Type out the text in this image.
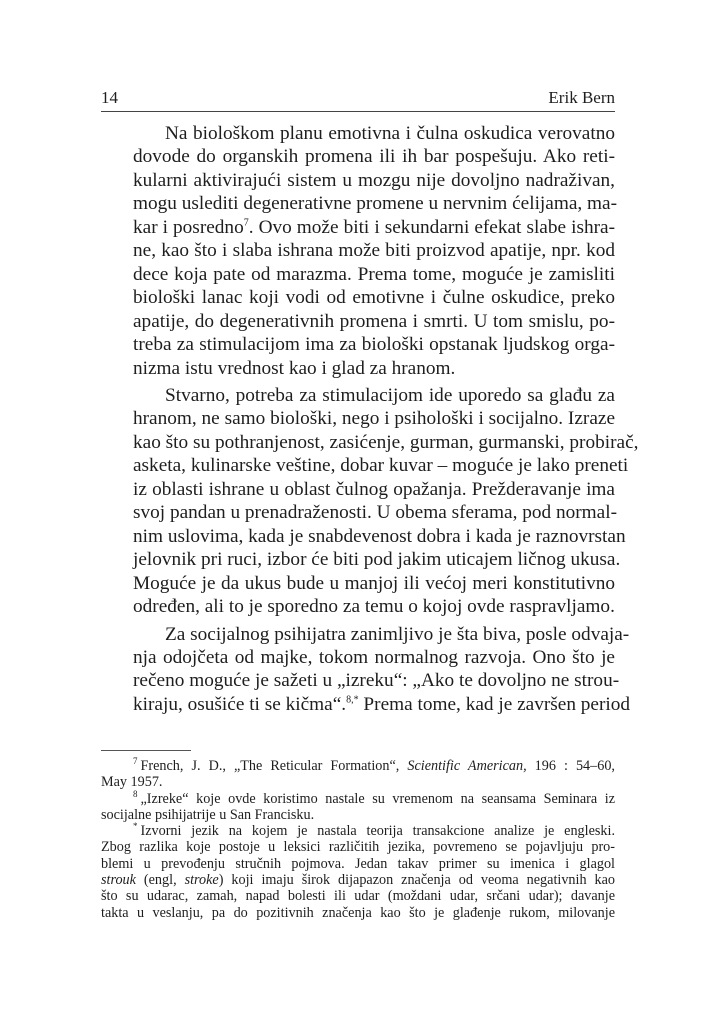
14	Erik Bern

Na biološkom planu emotivna i čulna oskudica verovatno
dovode do organskih promena ili ih bar pospešuju. Ako reti-
kularni aktivirajući sistem u mozgu nije dovoljno nadraživan,
mogu uslediti degenerativne promene u nervnim ćelijama, ma-
kar i posredno$^7$. Ovo može biti i sekundarni efekat slabe ishra-
ne, kao što i slaba ishrana može biti proizvod apatije, npr. kod
dece koja pate od marazma. Prema tome, moguće je zamisliti
biološki lanac koji vodi od emotivne i čulne oskudice, preko
apatije, do degenerativnih promena i smrti. U tom smislu, po-
treba za stimulacijom ima za biološki opstanak ljudskog orga-
nizma istu vrednost kao i glad za hranom.

Stvarno, potreba za stimulacijom ide uporedo sa glađu za
hranom, ne samo biološki, nego i psihološki i socijalno. Izraze
kao što su pothranjenost, zasićenje, gurman, gurmanski, probirač,
asketa, kulinarske veštine, dobar kuvar – moguće je lako preneti
iz oblasti ishrane u oblast čulnog opažanja. Prežderavanje ima
svoj pandan u prenadraženosti. U obema sferama, pod normal-
nim uslovima, kada je snabdevenost dobra i kada je raznovrstan
jelovnik pri ruci, izbor će biti pod jakim uticajem ličnog ukusa.
Moguće je da ukus bude u manjoj ili većoj meri konstitutivno
određen, ali to je sporedno za temu o kojoj ovde raspravljamo.

Za socijalnog psihijatra zanimljivo je šta biva, posle odvaja-
nja odojčeta od majke, tokom normalnog razvoja. Ono što je
rečeno moguće je sažeti u „izreku“: „Ako te dovoljno ne strou-
kiraju, osušiće ti se kičma“.$^{8,*}$ Prema tome, kad je završen period

$^7$ French, J. D., „The Reticular Formation“, Scientific American, 196 : 54–60,
May 1957.
$^8$ „Izreke“ koje ovde koristimo nastale su vremenom na seansama Seminara iz
socijalne psihijatrije u San Francisku.
* Izvorni jezik na kojem je nastala teorija transakcione analize je engleski.
Zbog razlika koje postoje u leksici različitih jezika, povremeno se pojavljuju pro-
blemi u prevođenju stručnih pojmova. Jedan takav primer su imenica i glagol
strouk (engl, stroke) koji imaju širok dijapazon značenja od veoma negativnih kao
što su udarac, zamah, napad bolesti ili udar (moždani udar, srčani udar); davanje
takta u veslanju, pa do pozitivnih značenja kao što je glađenje rukom, milovanje
